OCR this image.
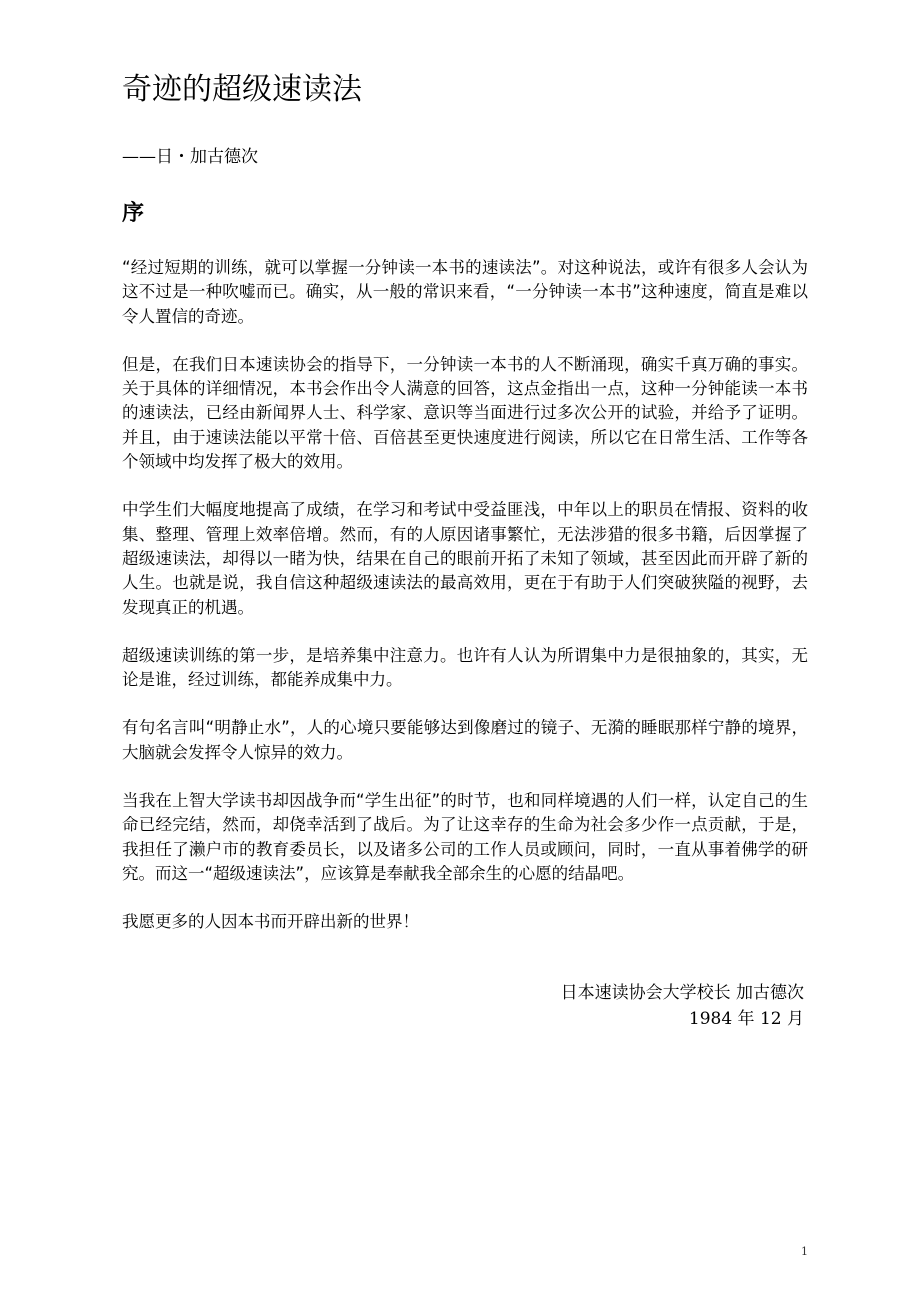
奇迹的超级速读法
——日・加古德次
序

“经过短期的训练，就可以掌握一分钟读一本书的速读法”。对这种说法，或许有很多人会认为这不过是一种吹嘘而已。确实，从一般的常识来看，“一分钟读一本书”这种速度，简直是难以令人置信的奇迹。

但是，在我们日本速读协会的指导下，一分钟读一本书的人不断涌现，确实千真万确的事实。关于具体的详细情况，本书会作出令人满意的回答，这点金指出一点，这种一分钟能读一本书的速读法，已经由新闻界人士、科学家、意识等当面进行过多次公开的试验，并给予了证明。并且，由于速读法能以平常十倍、百倍甚至更快速度进行阅读，所以它在日常生活、工作等各个领域中均发挥了极大的效用。

中学生们大幅度地提高了成绩，在学习和考试中受益匪浅，中年以上的职员在情报、资料的收集、整理、管理上效率倍增。然而，有的人原因诸事繁忙，无法涉猎的很多书籍，后因掌握了超级速读法，却得以一睹为快，结果在自己的眼前开拓了未知了领域，甚至因此而开辟了新的人生。也就是说，我自信这种超级速读法的最高效用，更在于有助于人们突破狭隘的视野，去发现真正的机遇。

超级速读训练的第一步，是培养集中注意力。也许有人认为所谓集中力是很抽象的，其实，无论是谁，经过训练，都能养成集中力。

有句名言叫“明静止水”，人的心境只要能够达到像磨过的镜子、无漪的睡眠那样宁静的境界，大脑就会发挥令人惊异的效力。

当我在上智大学读书却因战争而“学生出征”的时节，也和同样境遇的人们一样，认定自己的生命已经完结，然而，却侥幸活到了战后。为了让这幸存的生命为社会多少作一点贡献，于是，我担任了濑户市的教育委员长，以及诸多公司的工作人员或顾问，同时，一直从事着佛学的研究。而这一“超级速读法”，应该算是奉献我全部余生的心愿的结晶吧。

我愿更多的人因本书而开辟出新的世界！

日本速读协会大学校长 加古德次
1984 年 12 月
1
